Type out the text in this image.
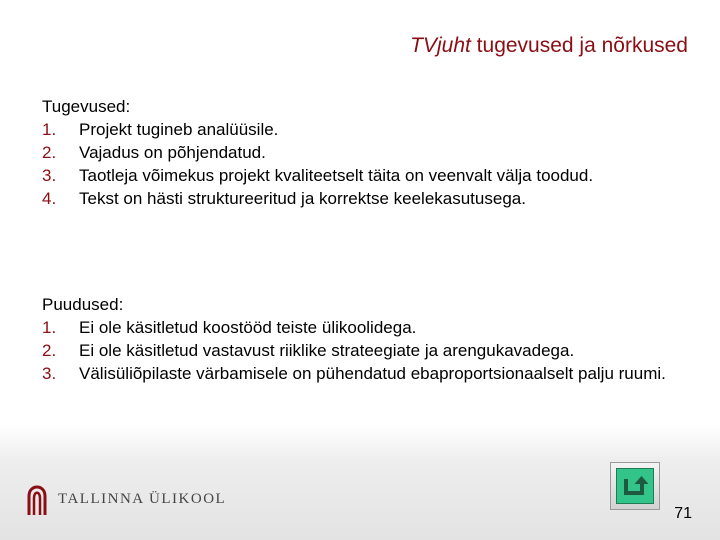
TVjuht tugevused ja nõrkused
Tugevused:
1. Projekt tugineb analüüsile.
2. Vajadus on põhjendatud.
3. Taotleja võimekus projekt kvaliteetselt täita on veenvalt välja toodud.
4. Tekst on hästi struktureeritud ja korrektse keelekasutusega.
Puudused:
1. Ei ole käsitletud koostööd teiste ülikoolidega.
2. Ei ole käsitletud vastavust riiklike strateegiate ja arengukavadega.
3. Välisüliõpilaste värbamisele on pühendatud ebaproportsionaalselt palju ruumi.
TALLINNA ÜLIKOOL
71
